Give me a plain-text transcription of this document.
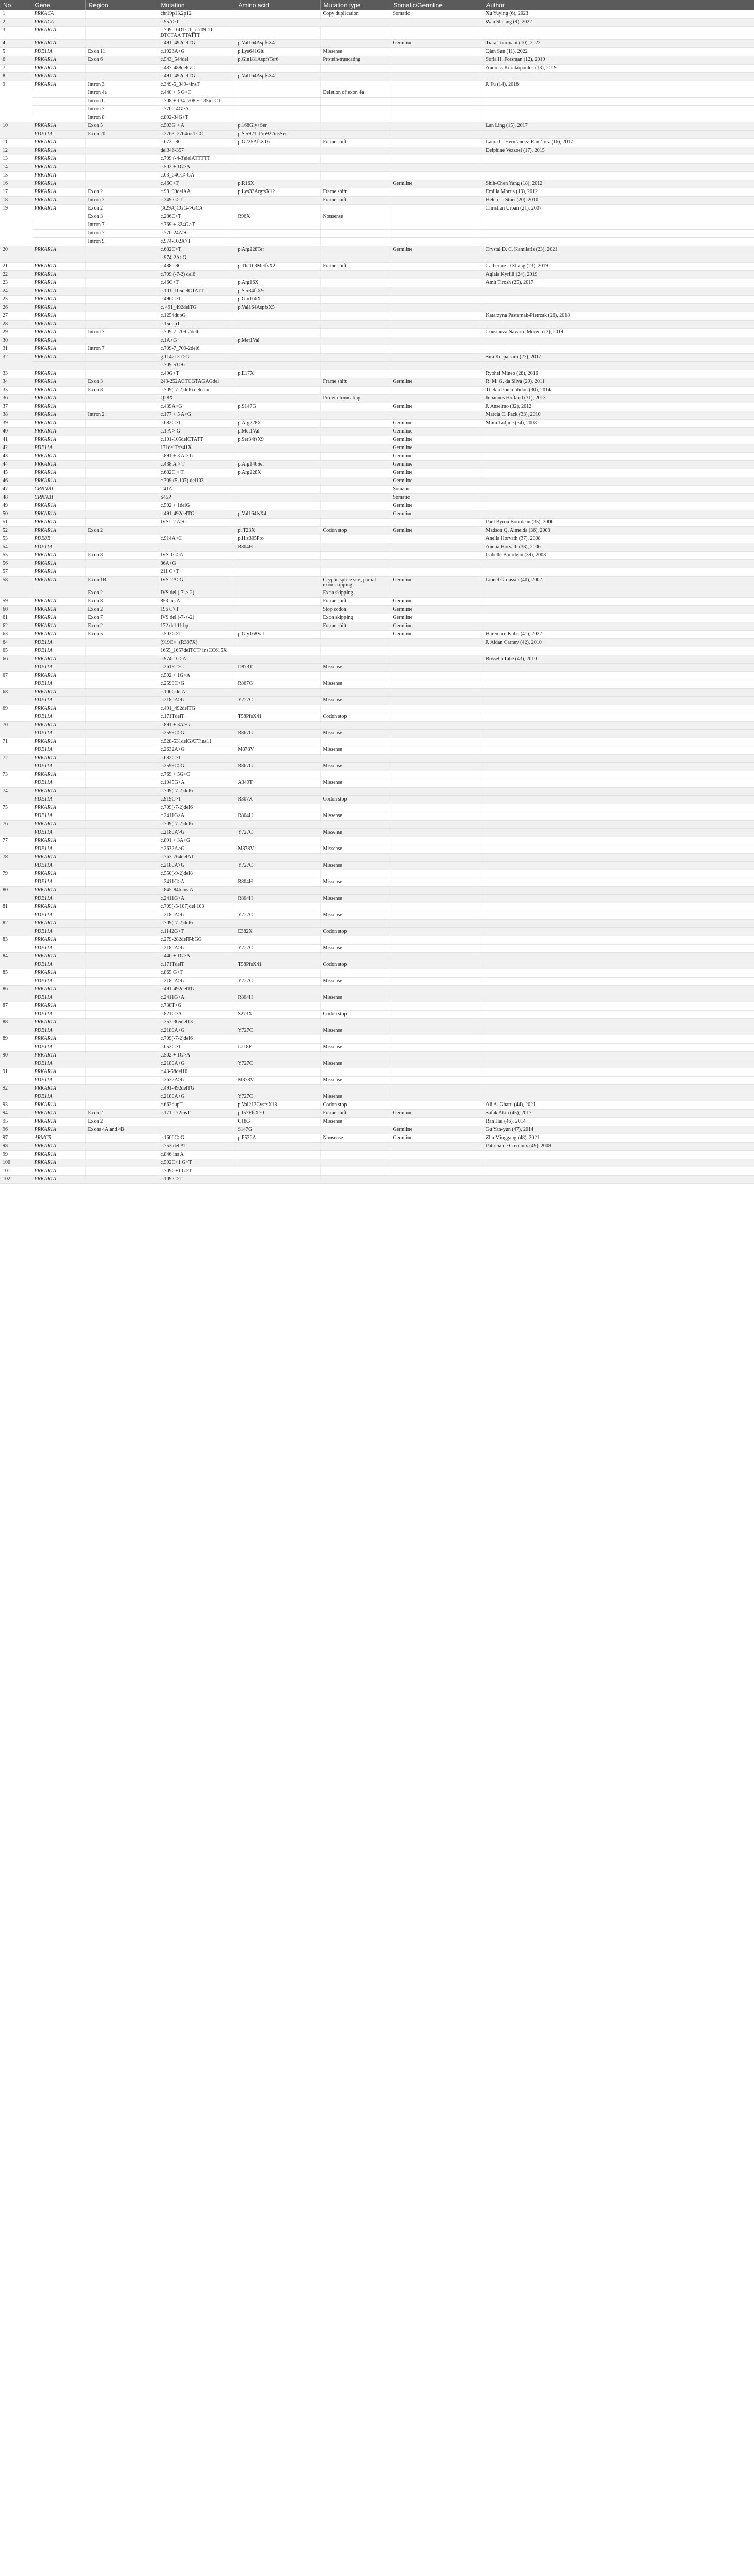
No.	Gene	Region	Mutation	Amino acid	Mutation type	Somatic/Germline	Author
1	PRKACA		chr19p13.2p12		Copy duplication	Somatic	Xu Yuying (6), 2023
2	PRKACA		c.95A>T				Wan Shuang (9), 2022
3	PRKAR1A		c.709-16DTCT_c.709-11 DTCTAA TTATTT				
4	PRKAR1A		c.491_492delTG	p.Val164AspfsX4		Germline	Tiara Tourinani (10), 2022
5	PDE11A	Exon 11	c.1923A>G	p.Lys641Glu	Missense		Qian Sun (11), 2022
6	PRKAR1A	Exon 6	c.543_544del	p.Gln181AspfsTer6	Protein-truncating		Sofia H. Forsman (12), 2019
7	PRKAR1A		c.487-488delGC				Andreas Kiriakopoulos (13), 2019
8	PRKAR1A		c.491_492delTG	p.Val164AspfsX4			
9	PRKAR1A	Intron 3	c.349-5_349-4insT				J. Fu (14), 2018
		Intron 4a	c.440 + 5 G>C		Deletion of exon 4a		
		Intron 6	c.708 + 134_708 + 135insCT				
		Intron 7	c.770-14G>A				
		Intron 8	c.892-34G>T				
10	PRKAR1A	Exon 5	c.503G > A	p.168Gly>Ser			Lan Ling (15), 2017
	PDE11A	Exon 20	c.2763_2764insTCC	p.Ser921_Pro922insSer			
11	PRKAR1A		c.672delG	p.G225AfsX16	Frame shift		Laura C. Hern’andez-Ram’irez (16), 2017
12	PRKAR1A		del346-357				Delphine Vezzosi (17), 2015
13	PRKAR1A		c.709 (-4-3)delATTTTT				
14	PRKAR1A		c.502 + 1G>A				
15	PRKAR1A		c.63_64CG>GA				
16	PRKAR1A		c.46C>T	p.R16X		Germline	Shih-Chen Yang (18), 2012
17	PRKAR1A	Exon 2	c.98_99delAA	p.Lys33ArgfsX12	Frame shift		Emilia Morris (19), 2012
18	PRKAR1A	Intron 3	c.349 G>T		Frame shift		Helen L. Storr (20), 2010
19	PRKAR1A	Exon 2	(A29A)CGG->GCA				Christian Urban (21), 2007
		Exon 3	c.286C>T	R96X	Nonsense		
		Intron 7	c.769 + 324G>T				
		Intron 7	c.770-24A>G				
		Intron 9	c.974-102A>T				
20	PRKAR1A		c.682C>T	p.Arg228Ter		Germline	Crystal D. C. Kamilaris (23), 2021
			c.974-2A>G				
21	PRKAR1A		c.488delC	p.Thr163MetfsX2	Frame shift		Catherine D Zhang (23), 2019
22	PRKAR1A		c.709 (-7-2) del6				Aglaia Kyrilli (24), 2019
23	PRKAR1A		c.46C>T	p.Arg16X			Amit Tirosh (25), 2017
24	PRKAR1A		c.101_105delCTATT	p.Ser34fsX9			
25	PRKAR1A		c.496C>T	p.Gln166X			
26	PRKAR1A		c. 491_492delTG	p.Val164AspfsX5			
27	PRKAR1A		c.1254dupG				Katarzyna Pasternak-Pietrzak (26), 2018
28	PRKAR1A		c.15dupT				
29	PRKAR1A	Intron 7	c.709-7_709-2del6				Constanza Navarro Moreno (3), 2019
30	PRKAR1A		c.1A>G	p.Met1Val			
31	PRKAR1A	Intron 7	c.709-7_709-2del6				
32	PRKAR1A		g.114213T>G				Sira Korpaisarn (27), 2017
			c.709-5T>G				
33	PRKAR1A		c.49G>T	p.E17X			Ryohei Mineo (28), 2016
34	PRKAR1A	Exon 3	243-252ACTCGTAGAGdel		Frame shift	Germline	R. M. G. da Silva (29), 2011
35	PRKAR1A	Exon 8	c.709(-7-2)del6 deletion				Thekla Poukoulidou (30), 2014
36	PRKAR1A		Q28X		Protein-truncating		Johannes Hofland (31), 2013
37	PRKAR1A		c.439A>G	p.S147G		Germline	J. Anselmo (32), 2012
38	PRKAR1A	Intron 2	c.177 + 5 A>G				Marcia C. Pack (33), 2010
39	PRKAR1A		c.682C>T	p.Arg228X		Germline	Mimi Tadjine (34), 2008
40	PRKAR1A		c.1 A > G	p.Met1Val		Germline	
41	PRKAR1A		c.101-105delCTATT	p.Ser34fsX9		Germline	
42	PDE11A		171delT/fs41X			Germline	
43	PRKAR1A		c.891 + 3 A > G			Germline	
44	PRKAR1A		c.438 A > T	p.Arg146Ser		Germline	
45	PRKAR1A		c.682C > T	p.Arg228X		Germline	
46	PRKAR1A		c.709 (5-107) del103			Germline	
47	CRNNB1		T41A			Somatic	
48	CRNNB1		S45P			Somatic	
49	PRKAR1A		c.502 + 1delG			Germline	
50	PRKAR1A		c.491-492delTG	p.Val164fsX4		Germline	
51	PRKAR1A		IVS1-2 A>G				Paul Byron Bourdeau (35), 2006
52	PRKAR1A	Exon 2		p. T23X	Codon stop	Germline	Madson Q. Almeida (36), 2008
53	PDE8B		c.914A>C	p.His305Pro			Anelia Horvath (37), 2008
54	PDE11A			R804H			Anelia Horvath (38), 2006
55	PRKAR1A	Exon 8	IVS-1G>A				Isabelle Bourdeau (39), 2003
56	PRKAR1A		86A>G				
57	PRKAR1A		211 C>T				
58	PRKAR1A	Exon 1B	IVS-2A>G		Cryptic splice site, partial exon skipping	Germline	Lionel Groussin (40), 2002
		Exon 2	IVS del (-7->-2)		Exon skipping		
59	PRKAR1A	Exon 8	853 ins A		Frame shift	Germline	
60	PRKAR1A	Exon 2	196 C>T		Stop codon	Germline	
61	PRKAR1A	Exon 7	IVS del (-7->-2)		Exon skipping	Germline	
62	PRKAR1A	Exon 2	172 del 11 bp		Frame shift	Germline	
63	PRKAR1A	Exon 5	c.503G>T	p.Gly168Val		Germline	Haremaru Kubo (41), 2022
64	PDE11A		(919C>−(R307X)				J. Aidan Carney (42), 2010
65	PDE11A		1655_1657delTCT/ insCC615X				
66	PRKAR1A		c.974-1G>A				Rossella Libé (43), 2010
	PDE11A		c.2619T>C	D873T	Missense		
67	PRKAR1A		c.502 + 1G>A				
	PDE11A		c.2599C>G	R867G	Missense		
68	PRKAR1A		c.106GdelA				
	PDE11A		c.2180A>G	Y727C	Missense		
69	PRKAR1A		c.491_492delTG				
	PDE11A		c.171TdelT	T58PfsX41	Codon stop		
70	PRKAR1A		c.891 + 3A>G				
	PDE11A		c.2599C>G	R867G	Missense		
71	PRKAR1A		c.528-531delGATTins11				
	PDE11A		c.2632A>G	M878V	Missense		
72	PRKAR1A		c.682C>T				
	PDE11A		c.2599C>G	R867G	Missense		
73	PRKAR1A		c.769 + 5G>C				
	PDE11A		c.1045G>A	A349T	Missense		
74	PRKAR1A		c.709(-7-2)del6				
	PDE11A		c.919C>T	R307X	Codon stop		
75	PRKAR1A		c.709(-7-2)del6				
	PDE11A		c.2411G>A	R804H	Missense		
76	PRKAR1A		c.709(-7-2)del6				
	PDE11A		c.2180A>G	Y727C	Missense		
77	PRKAR1A		c.891 + 3A>G				
	PDE11A		c.2632A>G	M878V	Missense		
78	PRKAR1A		c.763-764delAT				
	PDE11A		c.2180A>G	Y727C	Missense		
79	PRKAR1A		c.550(-9-2)del8				
	PDE11A		c.2411G>A	R804H	Missense		
80	PRKAR1A		c.845-846 ins A				
	PDE11A		c.2411G>A	R804H	Missense		
81	PRKAR1A		c.709(-5-107)del 103				
	PDE11A		c.2180A>G	Y727C	Missense		
82	PRKAR1A		c.709(-7-2)del6				
	PDE11A		c.1142G>T	E382X	Codon stop		
83	PRKAR1A		c.279-282delT-bGG				
	PDE11A		c.2180A>G	Y727C	Missense		
84	PRKAR1A		c.440 + 1G>A				
	PDE11A		c.171TdelT	T58PfsX41	Codon stop		
85	PRKAR1A		c.865 G>T				
	PDE11A		c.2180A>G	Y727C	Missense		
86	PRKAR1A		c.491-492delTG				
	PDE11A		c.2411G>A	R804H	Missense		
87	PRKAR1A		c.738T>G				
	PDE11A		c.821C>A	S273X	Codon stop		
88	PRKAR1A		c.353-365del13				
	PDE11A		c.2180A>G	Y727C	Missense		
89	PRKAR1A		c.709(-7-2)del6				
	PDE11A		c.652C>T	L218F	Missense		
90	PRKAR1A		c.502 + 1G>A				
	PDE11A		c.2180A>G	Y727C	Missense		
91	PRKAR1A		c.43-58del16				
	PDE11A		c.2632A>G	M878V	Missense		
92	PRKAR1A		c.491-492delTG				
	PDE11A		c.2180A>G	Y727C	Missense		
93	PRKAR1A		c.662dupT	p.Val213CysfsX18	Codon stop		Ali A. Ghatri (44), 2021
94	PRKAR1A	Exon 2	c.171-172insT	p.I57FfsX70	Frame shift	Germline	Safak Akin (45), 2017
95	PRKAR1A	Exon 2		C18G	Missense		Ran Hai (46), 2014
96	PRKAR1A	Exons 4A and 4B		S147G		Germline	Gu Yan-yun (47), 2014
97	ARMC5		c.1606C>G	p.P536A	Nonsense	Germline	Zhu Minggang (48), 2021
98	PRKAR1A		c.753 del AT				Patricia de Cremoux (49), 2008
99	PRKAR1A		c.846 ins A				
100	PRKAR1A		c.502C+1 G>T				
101	PRKAR1A		c.709C+1 G>T				
102	PRKAR1A		c.109 C>T				
